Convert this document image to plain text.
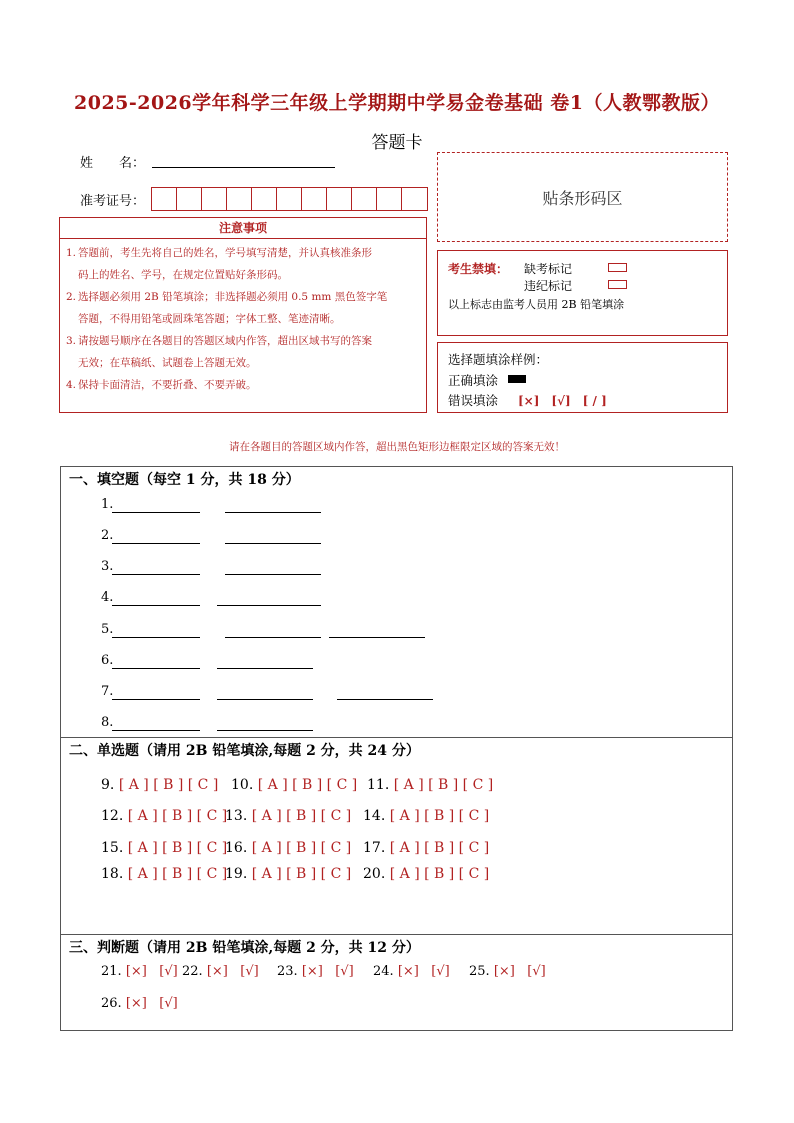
2025-2026学年科学三年级上学期期中学易金卷基础 卷1（人教鄂教版）
答题卡
姓　　名：
准考证号：	贴条形码区
注意事项
1. 答题前，考生先将自己的姓名，学号填写清楚，并认真核准条形
码上的姓名、学号，在规定位置贴好条形码。
2. 选择题必须用 2B 铅笔填涂；非选择题必须用 0.5 mm 黑色签字笔
答题，不得用铅笔或圆珠笔答题；字体工整、笔迹清晰。
3. 请按题号顺序在各题目的答题区域内作答，超出区域书写的答案
无效；在草稿纸、试题卷上答题无效。
4. 保持卡面清洁，不要折叠、不要弄破。
考生禁填： 缺考标记
违纪标记
以上标志由监考人员用 2B 铅笔填涂
选择题填涂样例：
正确填涂
错误填涂 [×]　[√]　[ / ]
请在各题目的答题区域内作答，超出黑色矩形边框限定区域的答案无效！
一、填空题（每空 1 分，共 18 分）
1.
2.
3.
4.
5.
6.
7.
8.
二、单选题（请用 2B 铅笔填涂,每题 2 分，共 24 分）
9. [ A ] [ B ] [ C ] 10. [ A ] [ B ] [ C ] 11. [ A ] [ B ] [ C ]
12. [ A ] [ B ] [ C ]
13. [ A ] [ B ] [ C ] 14. [ A ] [ B ] [ C ]
15. [ A ] [ B ] [ C ]
16. [ A ] [ B ] [ C ] 17. [ A ] [ B ] [ C ]
18. [ A ] [ B ] [ C ]
19. [ A ] [ B ] [ C ] 20. [ A ] [ B ] [ C ]
三、判断题（请用 2B 铅笔填涂,每题 2 分，共 12 分）
21. [×] [√] 22. [×] [√] 23. [×] [√] 24. [×] [√] 25. [×] [√]
26. [×] [√]
